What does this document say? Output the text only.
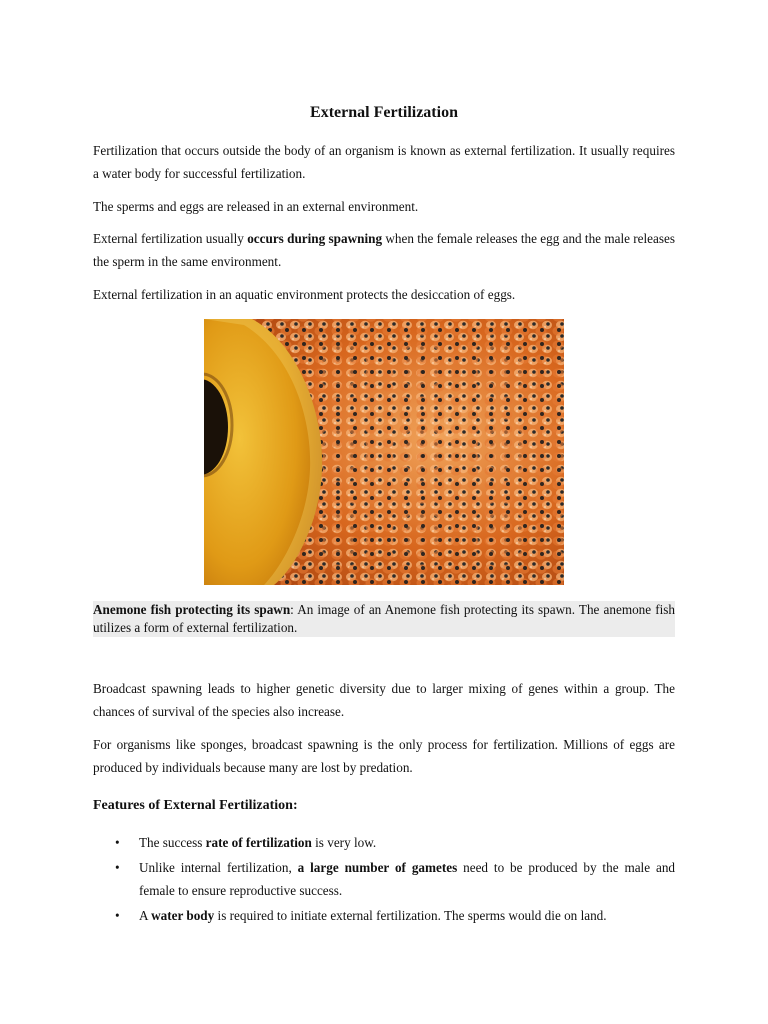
External Fertilization

Fertilization that occurs outside the body of an organism is known as external fertilization. It usually requires a water body for successful fertilization.

The sperms and eggs are released in an external environment.

External fertilization usually occurs during spawning when the female releases the egg and the male releases the sperm in the same environment.

External fertilization in an aquatic environment protects the desiccation of eggs.

Anemone fish protecting its spawn: An image of an Anemone fish protecting its spawn. The anemone fish utilizes a form of external fertilization.

Broadcast spawning leads to higher genetic diversity due to larger mixing of genes within a group. The chances of survival of the species also increase.

For organisms like sponges, broadcast spawning is the only process for fertilization. Millions of eggs are produced by individuals because many are lost by predation.

Features of External Fertilization:
• The success rate of fertilization is very low.
• Unlike internal fertilization, a large number of gametes need to be produced by the male and female to ensure reproductive success.
• A water body is required to initiate external fertilization. The sperms would die on land.
